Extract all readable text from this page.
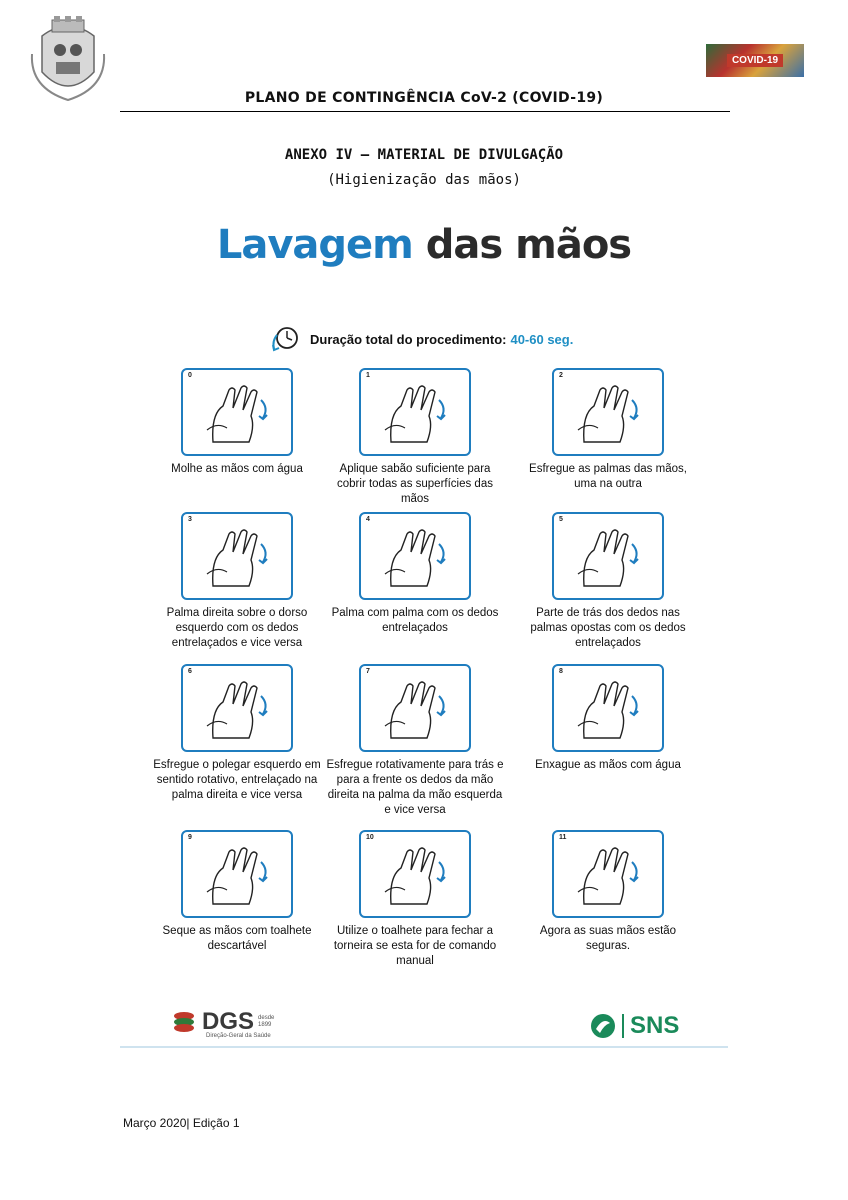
COVID-19
PLANO DE CONTINGÊNCIA CoV-2 (COVID-19)
ANEXO IV – MATERIAL DE DIVULGAÇÃO
(Higienização das mãos)
Lavagem das mãos
Duração total do procedimento: 40-60 seg.
0
Molhe as mãos com água
1
Aplique sabão suficiente para cobrir todas as superfícies das mãos
2
Esfregue as palmas das mãos, uma na outra
3
Palma direita sobre o dorso esquerdo com os dedos entrelaçados e vice versa
4
Palma com palma com os dedos entrelaçados
5
Parte de trás dos dedos nas palmas opostas com os dedos entrelaçados
6
Esfregue o polegar esquerdo em sentido rotativo, entrelaçado na palma direita e vice versa
7
Esfregue rotativamente para trás e para a frente os dedos da mão direita na palma da mão esquerda e vice versa
8
Enxague as mãos com água
9
Seque as mãos com toalhete descartável
10
Utilize o toalhete para fechar a torneira se esta for de comando manual
11
Agora as suas mãos estão seguras.
DGS desde 1899
Direção-Geral da Saúde	SNS
Março 2020| Edição 1
